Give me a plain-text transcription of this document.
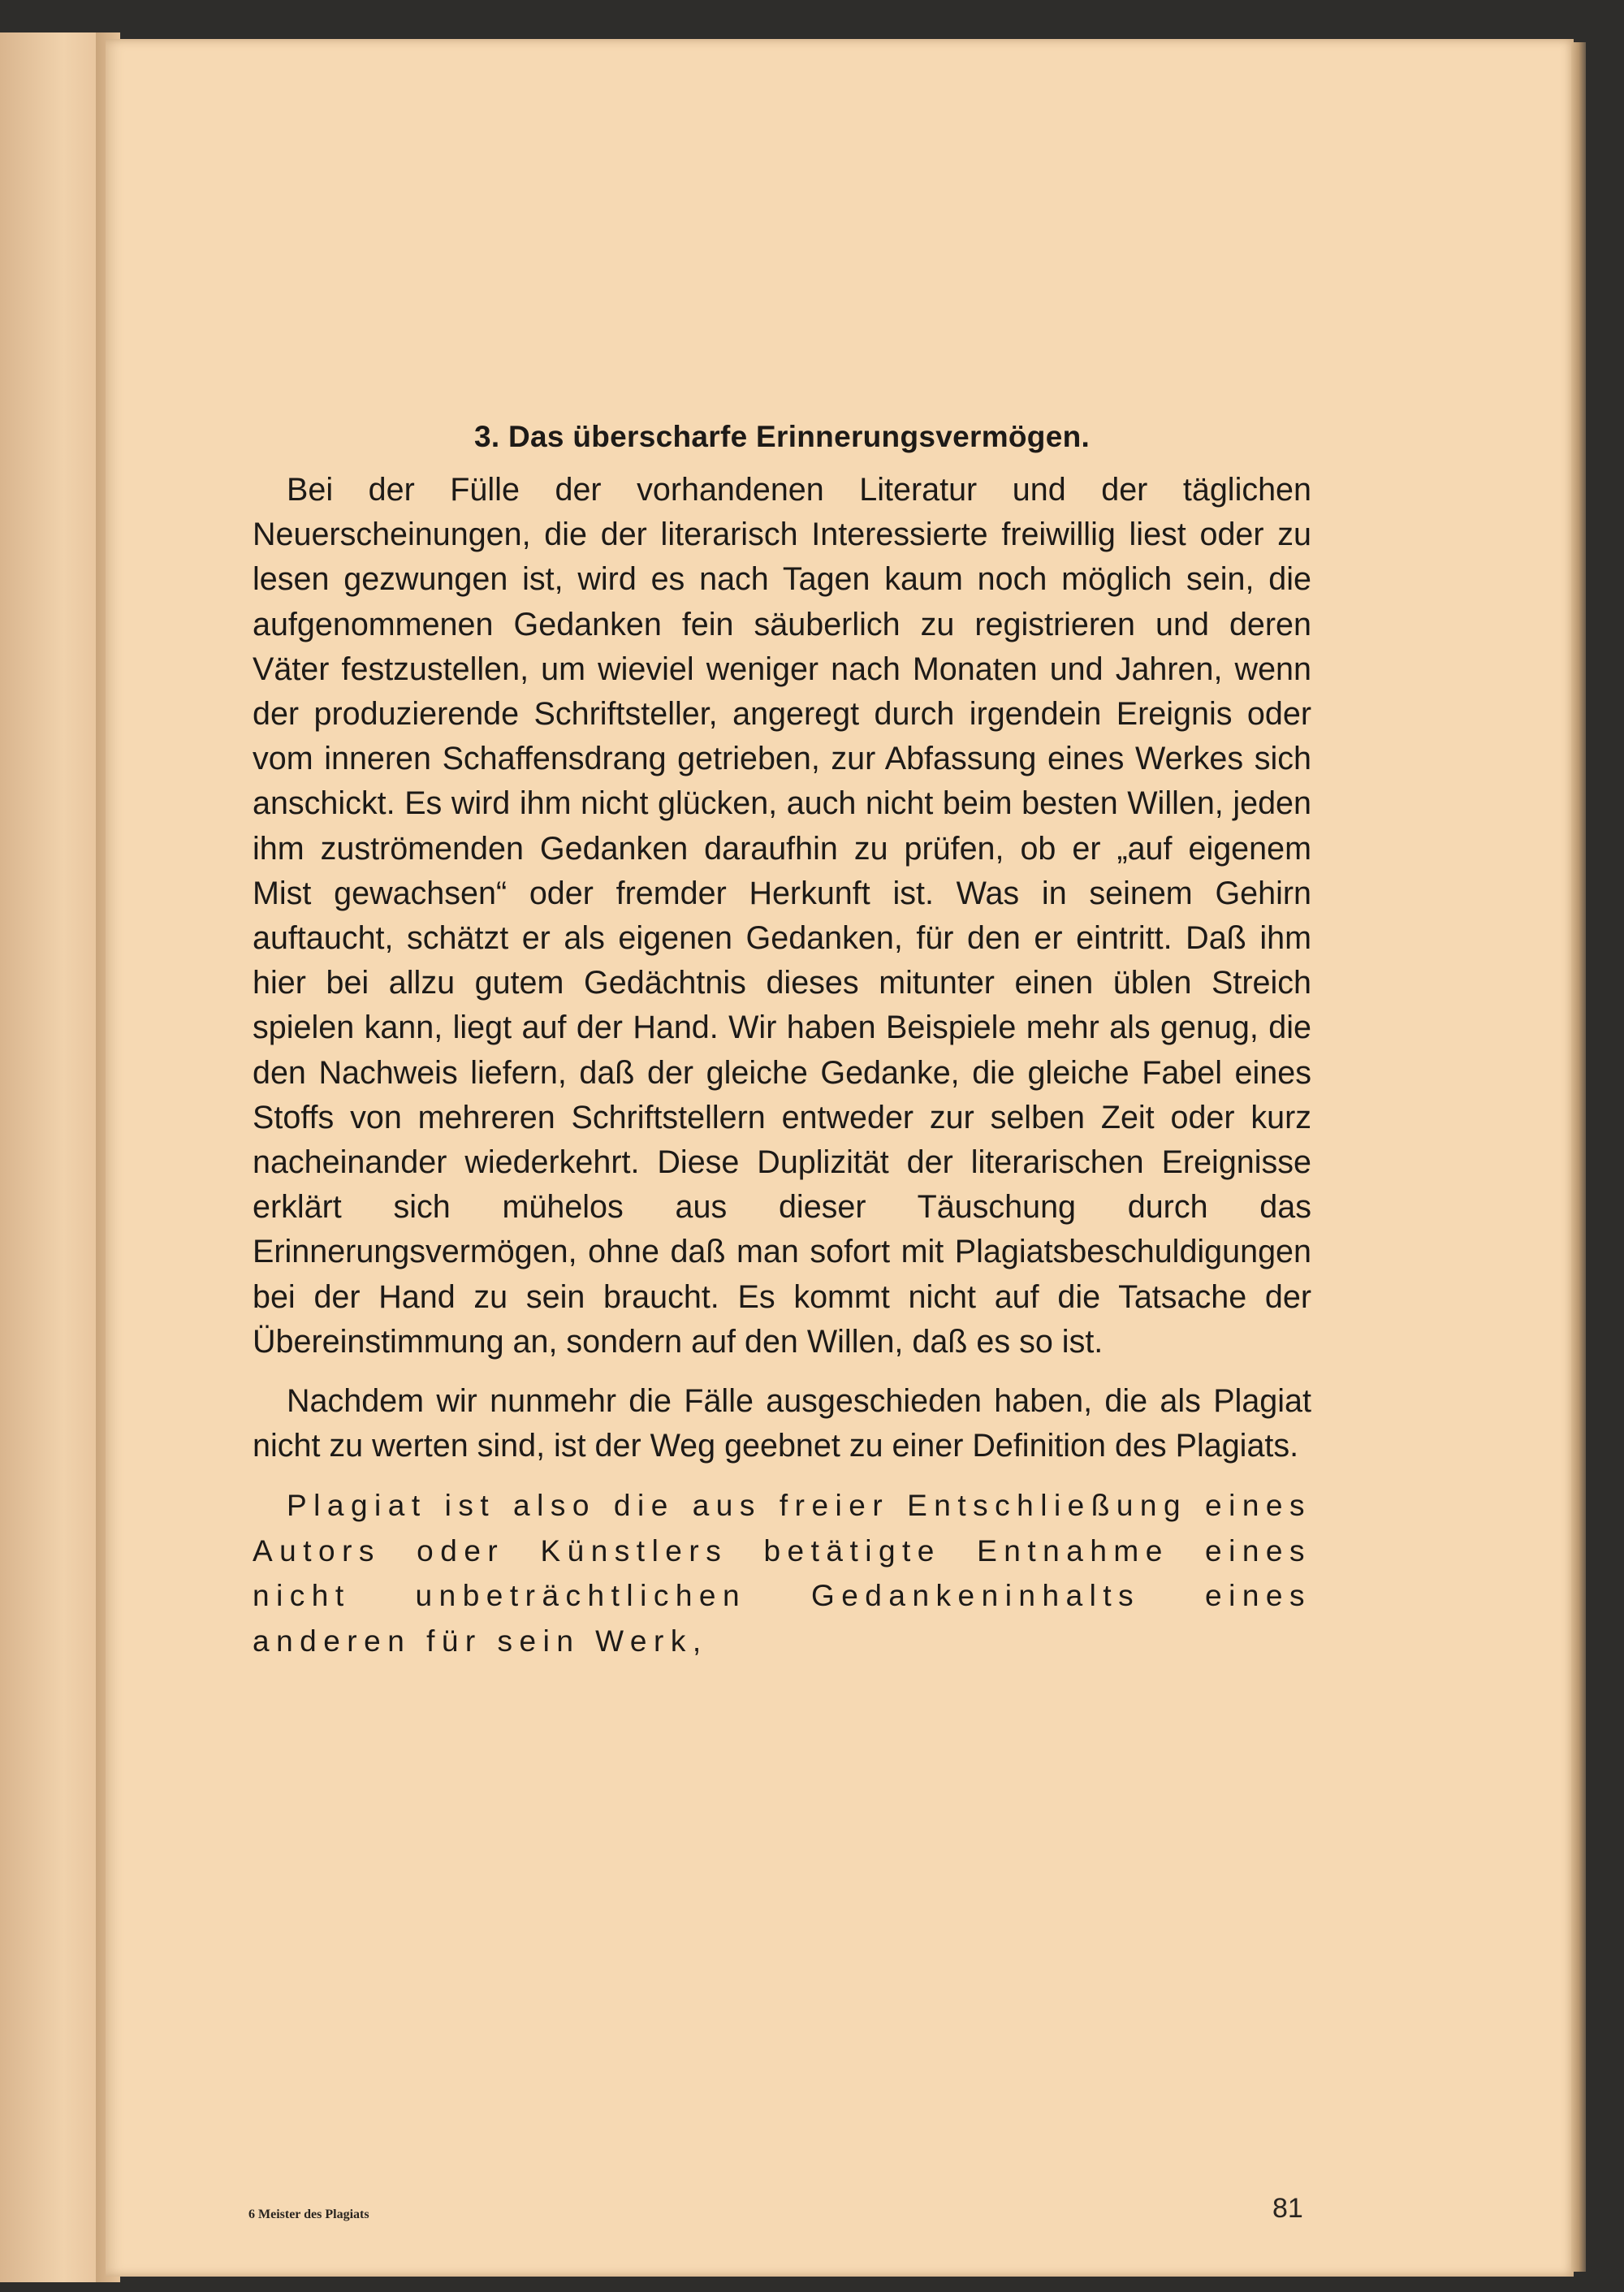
3. Das überscharfe Erinnerungsvermögen.

Bei der Fülle der vorhandenen Literatur und der täglichen Neuerscheinungen, die der literarisch Interessierte freiwillig liest oder zu lesen gezwungen ist, wird es nach Tagen kaum noch möglich sein, die aufgenommenen Gedanken fein säuberlich zu registrieren und deren Väter festzustellen, um wieviel weniger nach Monaten und Jahren, wenn der produzierende Schriftsteller, angeregt durch irgendein Ereignis oder vom inneren Schaffensdrang getrieben, zur Abfassung eines Werkes sich anschickt. Es wird ihm nicht glücken, auch nicht beim besten Willen, jeden ihm zuströmenden Gedanken daraufhin zu prüfen, ob er „auf eigenem Mist gewachsen“ oder fremder Herkunft ist. Was in seinem Gehirn auftaucht, schätzt er als eigenen Gedanken, für den er eintritt. Daß ihm hier bei allzu gutem Gedächtnis dieses mitunter einen üblen Streich spielen kann, liegt auf der Hand. Wir haben Beispiele mehr als genug, die den Nachweis liefern, daß der gleiche Gedanke, die gleiche Fabel eines Stoffs von mehreren Schriftstellern entweder zur selben Zeit oder kurz nacheinander wiederkehrt. Diese Duplizität der literarischen Ereignisse erklärt sich mühelos aus dieser Täuschung durch das Erinnerungsvermögen, ohne daß man sofort mit Plagiatsbeschuldigungen bei der Hand zu sein braucht. Es kommt nicht auf die Tatsache der Übereinstimmung an, sondern auf den Willen, daß es so ist.

Nachdem wir nunmehr die Fälle ausgeschieden haben, die als Plagiat nicht zu werten sind, ist der Weg geebnet zu einer Definition des Plagiats.

Plagiat ist also die aus freier Entschließung eines Autors oder Künstlers betätigte Entnahme eines nicht unbeträchtlichen Gedankeninhalts eines anderen für sein Werk,

6 Meister des Plagiats	81
